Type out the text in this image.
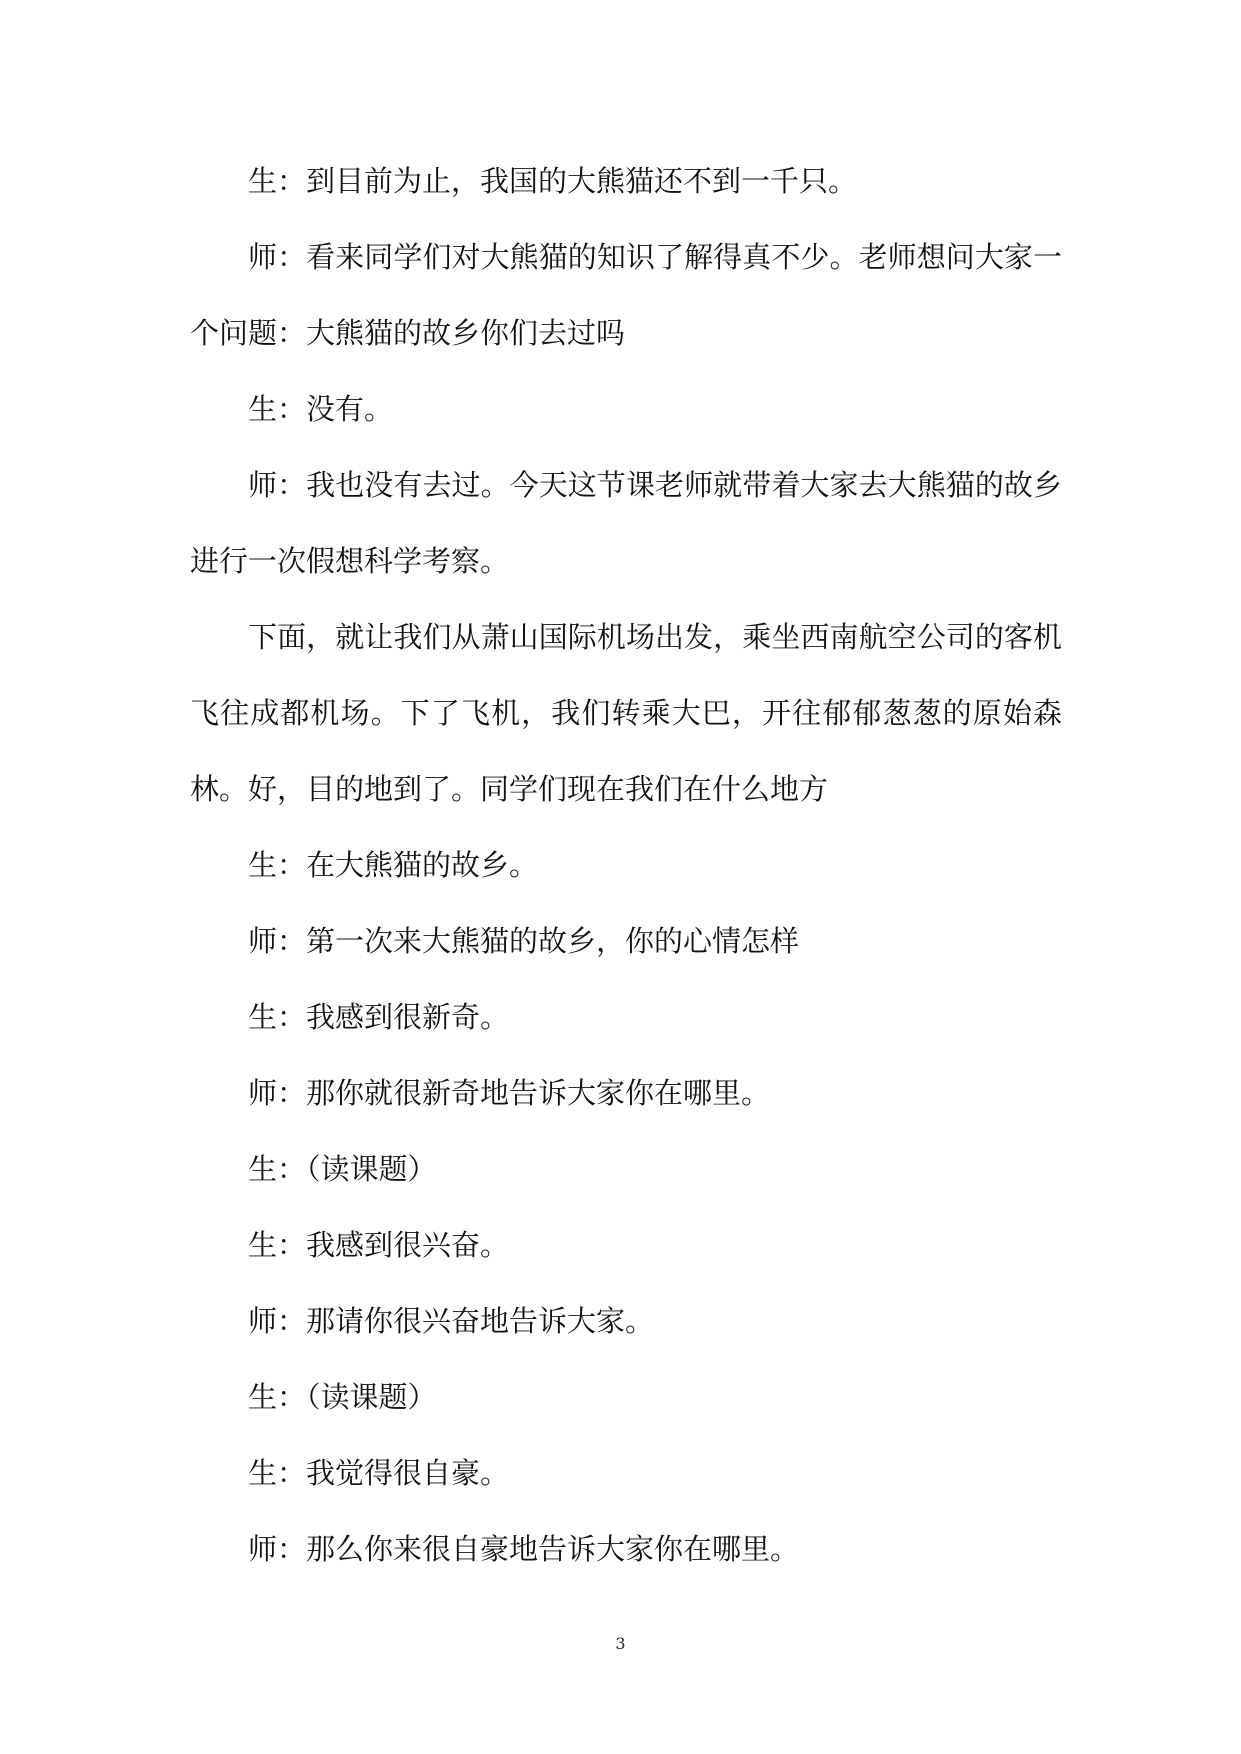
生：到目前为止，我国的大熊猫还不到一千只。

师：看来同学们对大熊猫的知识了解得真不少。老师想问大家一个问题：大熊猫的故乡你们去过吗

生：没有。

师：我也没有去过。今天这节课老师就带着大家去大熊猫的故乡进行一次假想科学考察。

下面，就让我们从萧山国际机场出发，乘坐西南航空公司的客机飞往成都机场。下了飞机，我们转乘大巴，开往郁郁葱葱的原始森林。好，目的地到了。同学们现在我们在什么地方

生：在大熊猫的故乡。

师：第一次来大熊猫的故乡，你的心情怎样

生：我感到很新奇。

师：那你就很新奇地告诉大家你在哪里。

生：（读课题）

生：我感到很兴奋。

师：那请你很兴奋地告诉大家。

生：（读课题）

生：我觉得很自豪。

师：那么你来很自豪地告诉大家你在哪里。

3
